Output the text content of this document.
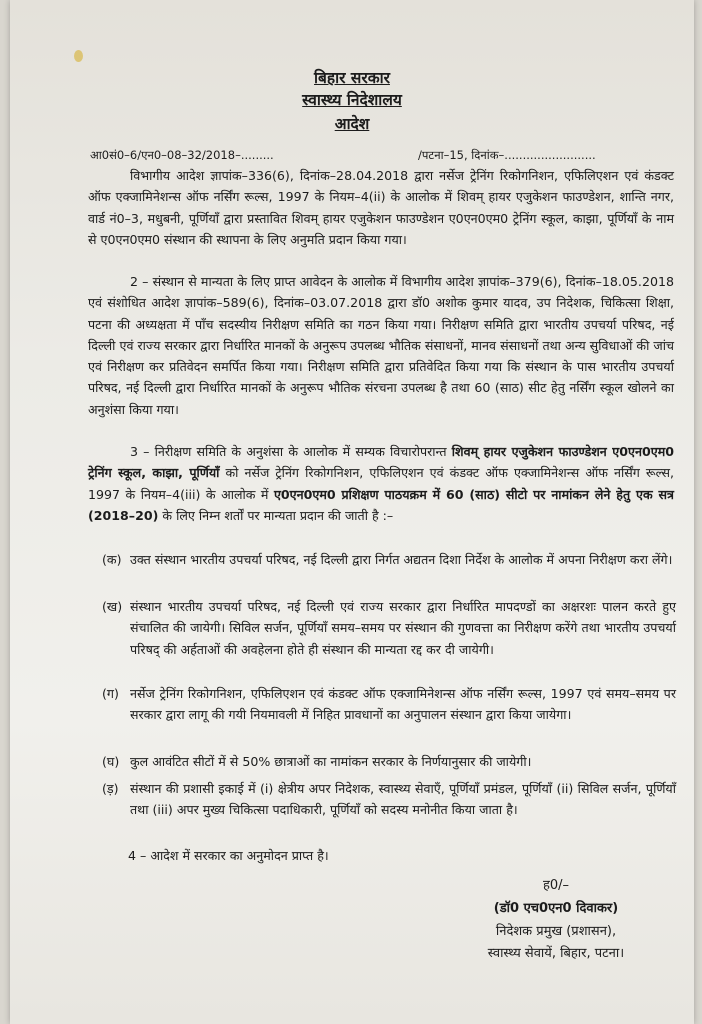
बिहार सरकार
स्वास्थ्य निदेशालय
आदेश
आ0सं0–6/एन0–08–32/2018–.........	/पटना–15, दिनांक–.........................
विभागीय आदेश ज्ञापांक–336(6), दिनांक–28.04.2018 द्वारा नर्सेज ट्रेनिंग रिकोगनिशन, एफिलिएशन एवं कंडक्ट ऑफ एक्जामिनेशन्स ऑफ नर्सिंग रूल्स, 1997 के नियम–4(ii) के आलोक में शिवम् हायर एजुकेशन फाउण्डेशन, शान्ति नगर, वार्ड नं0–3, मधुबनी, पूर्णियाँ द्वारा प्रस्तावित शिवम् हायर एजुकेशन फाउण्डेशन ए0एन0एम0 ट्रेनिंग स्कूल, काझा, पूर्णियाँ के नाम से ए0एन0एम0 संस्थान की स्थापना के लिए अनुमति प्रदान किया गया।
2 – संस्थान से मान्यता के लिए प्राप्त आवेदन के आलोक में विभागीय आदेश ज्ञापांक–379(6), दिनांक–18.05.2018 एवं संशोधित आदेश ज्ञापांक–589(6), दिनांक–03.07.2018 द्वारा डॉ0 अशोक कुमार यादव, उप निदेशक, चिकित्सा शिक्षा, पटना की अध्यक्षता में पाँच सदस्यीय निरीक्षण समिति का गठन किया गया। निरीक्षण समिति द्वारा भारतीय उपचर्या परिषद, नई दिल्ली एवं राज्य सरकार द्वारा निर्धारित मानकों के अनुरूप उपलब्ध भौतिक संसाधनों, मानव संसाधनों तथा अन्य सुविधाओं की जांच एवं निरीक्षण कर प्रतिवेदन समर्पित किया गया। निरीक्षण समिति द्वारा प्रतिवेदित किया गया कि संस्थान के पास भारतीय उपचर्या परिषद, नई दिल्ली द्वारा निर्धारित मानकों के अनुरूप भौतिक संरचना उपलब्ध है तथा 60 (साठ) सीट हेतु नर्सिंग स्कूल खोलने का अनुशंसा किया गया।
3 – निरीक्षण समिति के अनुशंसा के आलोक में सम्यक विचारोपरान्त शिवम् हायर एजुकेशन फाउण्डेशन ए0एन0एम0 ट्रेनिंग स्कूल, काझा, पूर्णियाँ को नर्सेज ट्रेनिंग रिकोगनिशन, एफिलिएशन एवं कंडक्ट ऑफ एक्जामिनेशन्स ऑफ नर्सिंग रूल्स, 1997 के नियम–4(iii) के आलोक में ए0एन0एम0 प्रशिक्षण पाठयक्रम में 60 (साठ) सीटो पर नामांकन लेने हेतु एक सत्र (2018–20) के लिए निम्न शर्तों पर मान्यता प्रदान की जाती है :–
(क) उक्त संस्थान भारतीय उपचर्या परिषद, नई दिल्ली द्वारा निर्गत अद्यतन दिशा निर्देश के आलोक में अपना निरीक्षण करा लेंगे।
(ख) संस्थान भारतीय उपचर्या परिषद, नई दिल्ली एवं राज्य सरकार द्वारा निर्धारित मापदण्डों का अक्षरशः पालन करते हुए संचालित की जायेगी। सिविल सर्जन, पूर्णियाँ समय–समय पर संस्थान की गुणवत्ता का निरीक्षण करेंगे तथा भारतीय उपचर्या परिषद् की अर्हताओं की अवहेलना होते ही संस्थान की मान्यता रद्द कर दी जायेगी।
(ग) नर्सेज ट्रेनिंग रिकोगनिशन, एफिलिएशन एवं कंडक्ट ऑफ एक्जामिनेशन्स ऑफ नर्सिंग रूल्स, 1997 एवं समय–समय पर सरकार द्वारा लागू की गयी नियमावली में निहित प्रावधानों का अनुपालन संस्थान द्वारा किया जायेगा।
(घ) कुल आवंटित सीटों में से 50% छात्राओं का नामांकन सरकार के निर्णयानुसार की जायेगी।
(ड़) संस्थान की प्रशासी इकाई में (i) क्षेत्रीय अपर निदेशक, स्वास्थ्य सेवाएँ, पूर्णियाँ प्रमंडल, पूर्णियाँ (ii) सिविल सर्जन, पूर्णियाँ तथा (iii) अपर मुख्य चिकित्सा पदाधिकारी, पूर्णियाँ को सदस्य मनोनीत किया जाता है।
4 – आदेश में सरकार का अनुमोदन प्राप्त है।
ह0/–
(डॉ0 एच0एन0 दिवाकर)
निदेशक प्रमुख (प्रशासन),
स्वास्थ्य सेवायें, बिहार, पटना।
